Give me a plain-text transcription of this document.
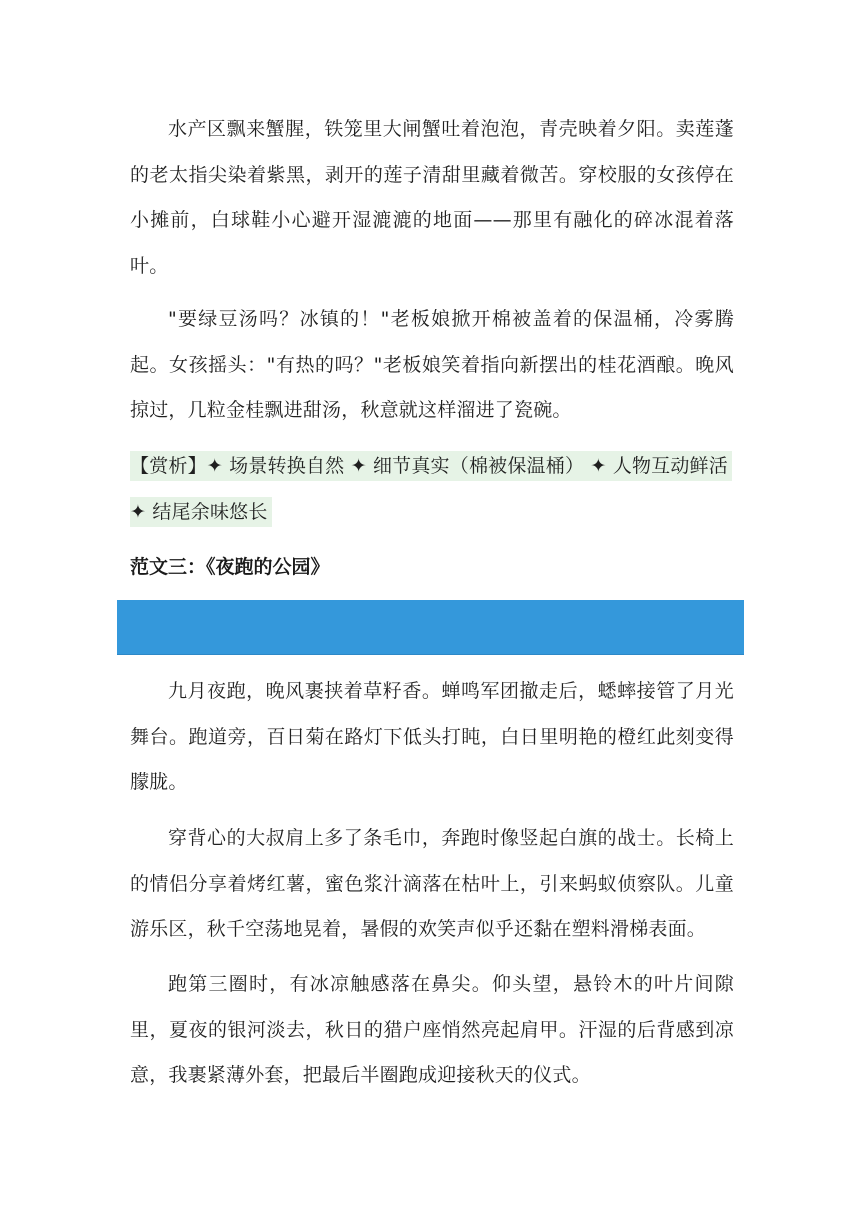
水产区飘来蟹腥，铁笼里大闸蟹吐着泡泡，青壳映着夕阳。卖莲蓬的老太指尖染着紫黑，剥开的莲子清甜里藏着微苦。穿校服的女孩停在小摊前，白球鞋小心避开湿漉漉的地面——那里有融化的碎冰混着落叶。

"要绿豆汤吗？冰镇的！"老板娘掀开棉被盖着的保温桶，冷雾腾起。女孩摇头："有热的吗？"老板娘笑着指向新摆出的桂花酒酿。晚风掠过，几粒金桂飘进甜汤，秋意就这样溜进了瓷碗。

【赏析】✦ 场景转换自然 ✦ 细节真实（棉被保温桶） ✦ 人物互动鲜活 ✦ 结尾余味悠长

范文三：《夜跑的公园》

九月夜跑，晚风裹挟着草籽香。蝉鸣军团撤走后，蟋蟀接管了月光舞台。跑道旁，百日菊在路灯下低头打盹，白日里明艳的橙红此刻变得朦胧。

穿背心的大叔肩上多了条毛巾，奔跑时像竖起白旗的战士。长椅上的情侣分享着烤红薯，蜜色浆汁滴落在枯叶上，引来蚂蚁侦察队。儿童游乐区，秋千空荡地晃着，暑假的欢笑声似乎还黏在塑料滑梯表面。

跑第三圈时，有冰凉触感落在鼻尖。仰头望，悬铃木的叶片间隙里，夏夜的银河淡去，秋日的猎户座悄然亮起肩甲。汗湿的后背感到凉意，我裹紧薄外套，把最后半圈跑成迎接秋天的仪式。
